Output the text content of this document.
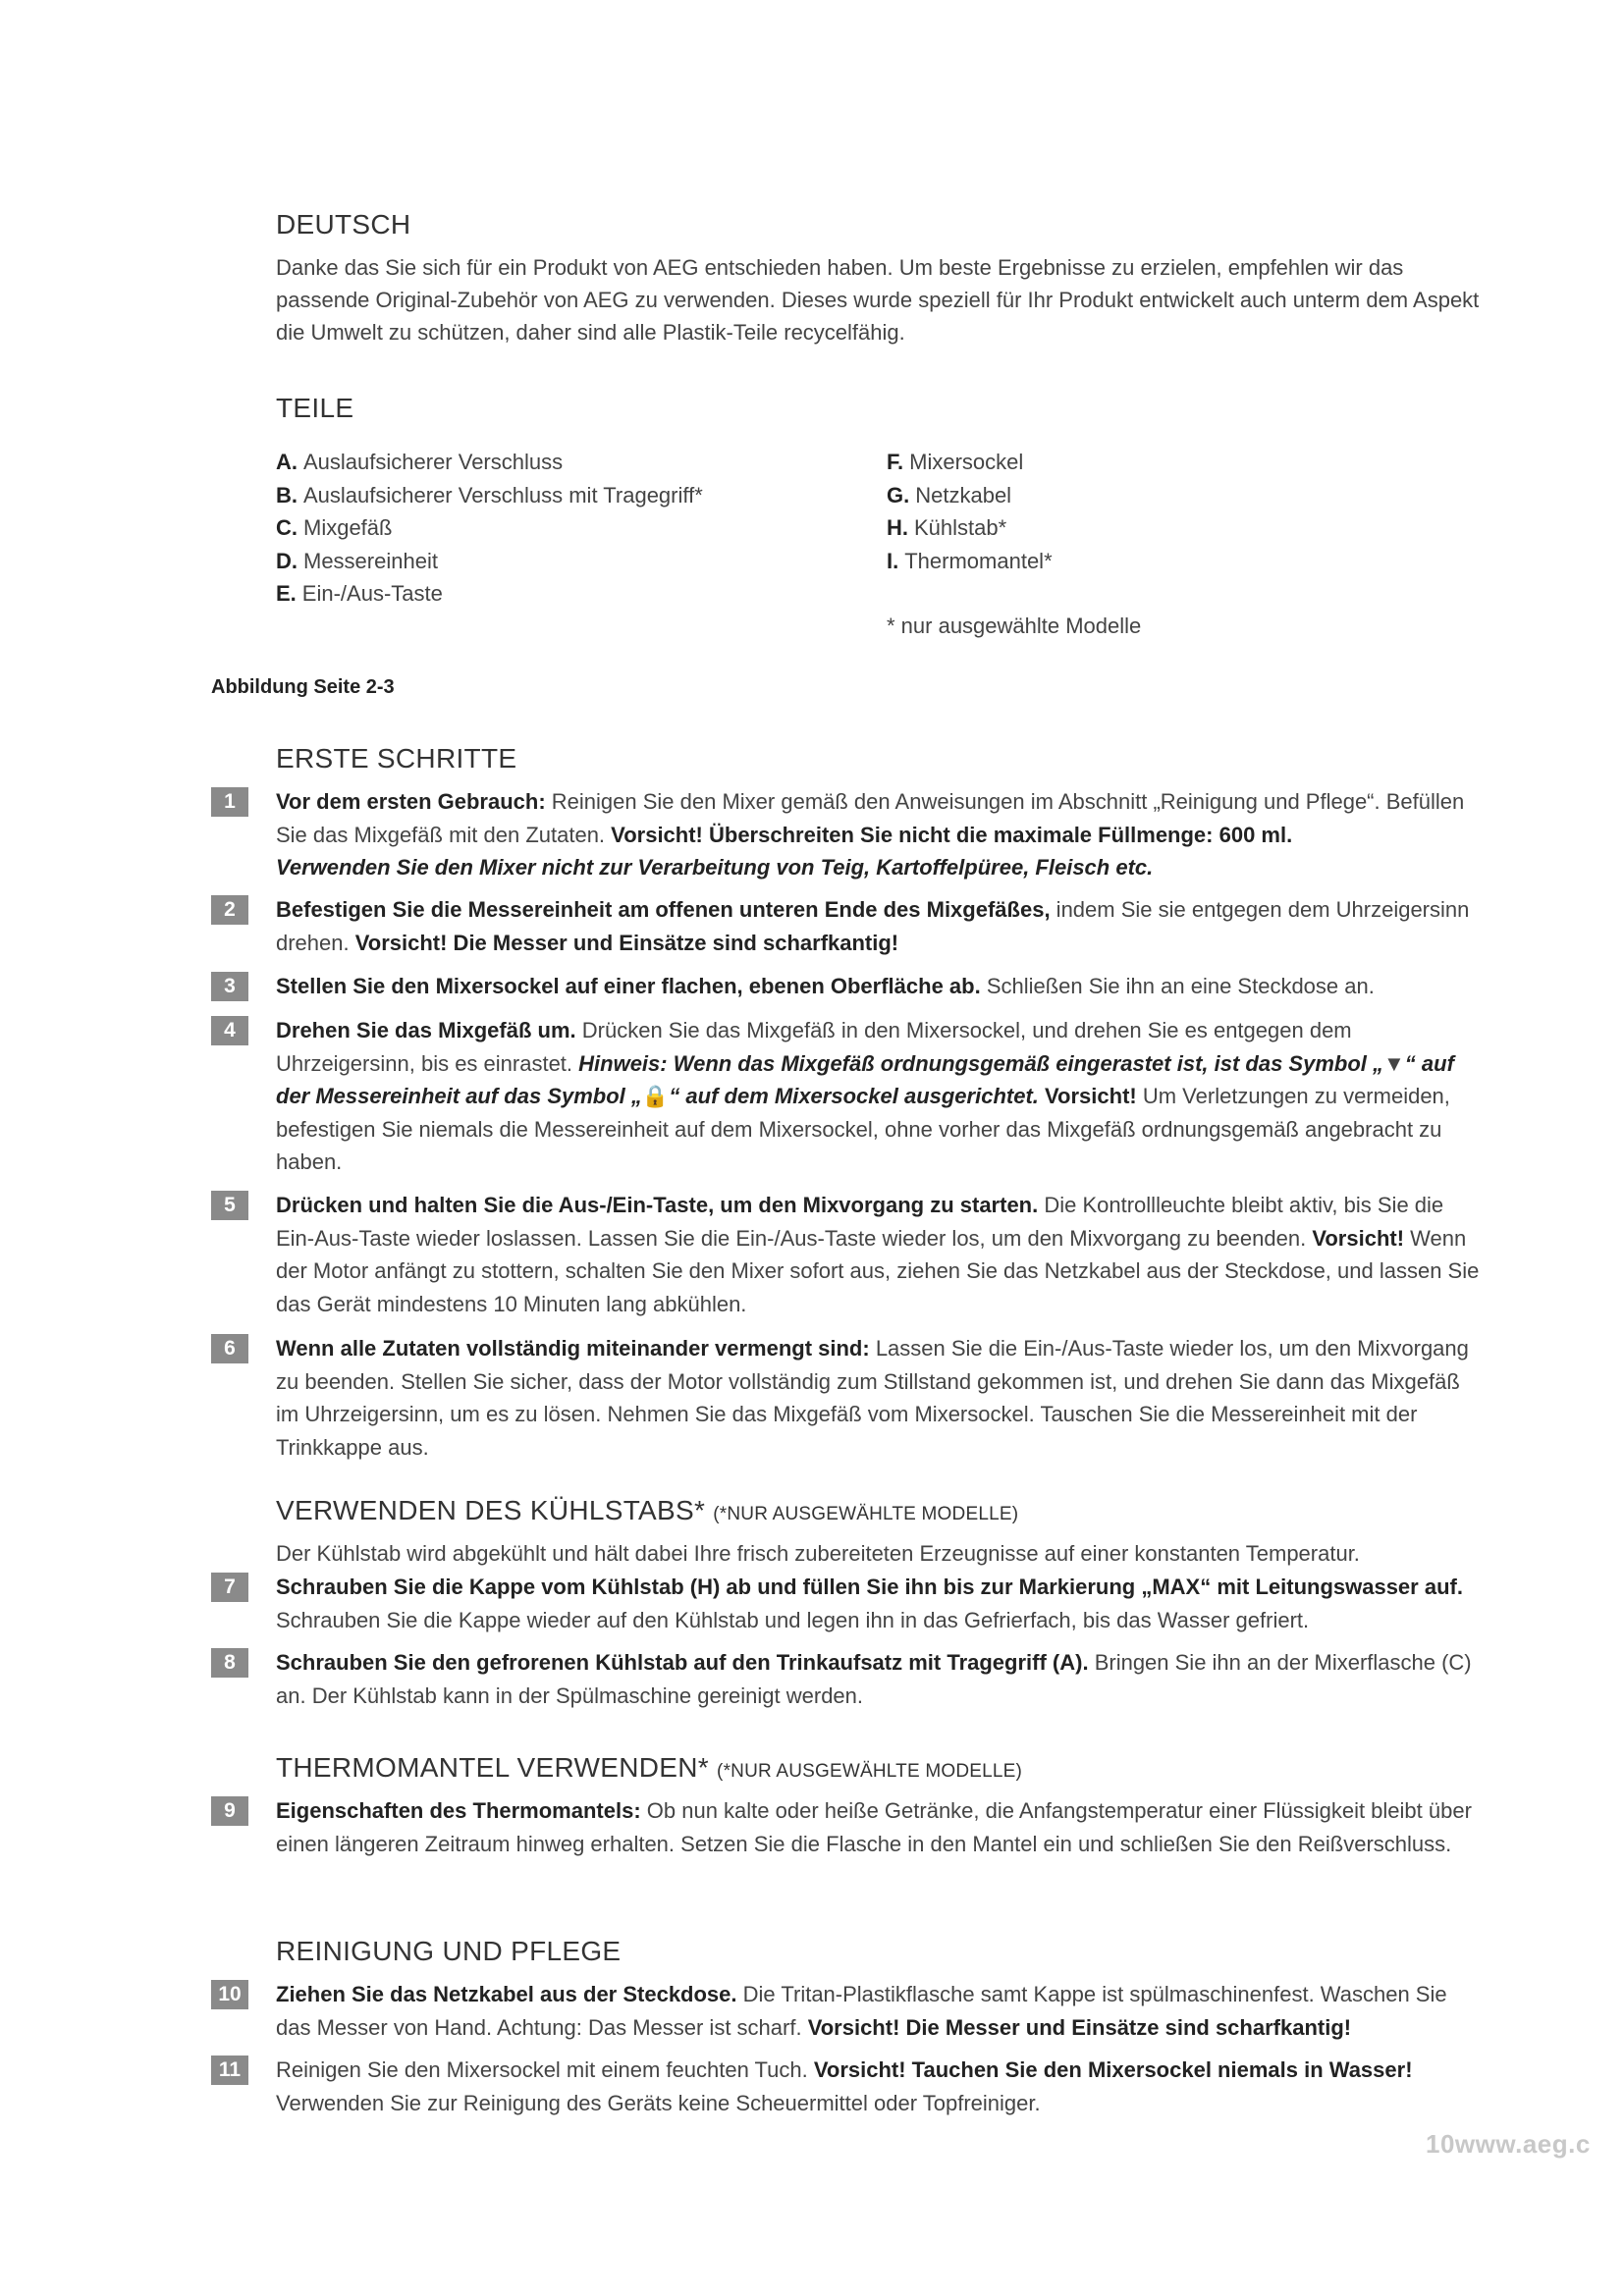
DEUTSCH

Danke das Sie sich für ein Produkt von AEG entschieden haben. Um beste Ergebnisse zu erzielen, empfehlen wir das passende Original-Zubehör von AEG zu verwenden. Dieses wurde speziell für Ihr Produkt entwickelt auch unterm dem Aspekt die Umwelt zu schützen, daher sind alle Plastik-Teile recycelfähig.

TEILE
A. Auslaufsicherer Verschluss
B. Auslaufsicherer Verschluss mit Tragegriff*
C. Mixgefäß
D. Messereinheit
E. Ein-/Aus-Taste
F. Mixersockel
G. Netzkabel
H. Kühlstab*
I. Thermomantel*
* nur ausgewählte Modelle
Abbildung Seite 2-3
ERSTE SCHRITTE
1	Vor dem ersten Gebrauch: Reinigen Sie den Mixer gemäß den Anweisungen im Abschnitt „Reinigung und Pflege“. Befüllen Sie das Mixgefäß mit den Zutaten. Vorsicht! Überschreiten Sie nicht die maximale Füllmenge: 600 ml.
Verwenden Sie den Mixer nicht zur Verarbeitung von Teig, Kartoffelpüree, Fleisch etc.

2	Befestigen Sie die Messereinheit am offenen unteren Ende des Mixgefäßes, indem Sie sie entgegen dem Uhrzeigersinn drehen. Vorsicht! Die Messer und Einsätze sind scharfkantig!

3	Stellen Sie den Mixersockel auf einer flachen, ebenen Oberfläche ab. Schließen Sie ihn an eine Steckdose an.

4	Drehen Sie das Mixgefäß um. Drücken Sie das Mixgefäß in den Mixersockel, und drehen Sie es entgegen dem Uhrzeigersinn, bis es einrastet. Hinweis: Wenn das Mixgefäß ordnungsgemäß eingerastet ist, ist das Symbol „▼“ auf der Messereinheit auf das Symbol „🔒“ auf dem Mixersockel ausgerichtet. Vorsicht! Um Verletzungen zu vermeiden, befestigen Sie niemals die Messereinheit auf dem Mixersockel, ohne vorher das Mixgefäß ordnungsgemäß angebracht zu haben.

5	Drücken und halten Sie die Aus-/Ein-Taste, um den Mixvorgang zu starten. Die Kontrollleuchte bleibt aktiv, bis Sie die Ein-Aus-Taste wieder loslassen. Lassen Sie die Ein-/Aus-Taste wieder los, um den Mixvorgang zu beenden. Vorsicht! Wenn der Motor anfängt zu stottern, schalten Sie den Mixer sofort aus, ziehen Sie das Netzkabel aus der Steckdose, und lassen Sie das Gerät mindestens 10 Minuten lang abkühlen.

6	Wenn alle Zutaten vollständig miteinander vermengt sind: Lassen Sie die Ein-/Aus-Taste wieder los, um den Mixvorgang zu beenden. Stellen Sie sicher, dass der Motor vollständig zum Stillstand gekommen ist, und drehen Sie dann das Mixgefäß im Uhrzeigersinn, um es zu lösen. Nehmen Sie das Mixgefäß vom Mixersockel. Tauschen Sie die Messereinheit mit der Trinkkappe aus.

VERWENDEN DES KÜHLSTABS* (*NUR AUSGEWÄHLTE MODELLE)

Der Kühlstab wird abgekühlt und hält dabei Ihre frisch zubereiteten Erzeugnisse auf einer konstanten Temperatur.

7	Schrauben Sie die Kappe vom Kühlstab (H) ab und füllen Sie ihn bis zur Markierung „MAX“ mit Leitungswasser auf. Schrauben Sie die Kappe wieder auf den Kühlstab und legen ihn in das Gefrierfach, bis das Wasser gefriert.

8	Schrauben Sie den gefrorenen Kühlstab auf den Trinkaufsatz mit Tragegriff (A). Bringen Sie ihn an der Mixerflasche (C) an. Der Kühlstab kann in der Spülmaschine gereinigt werden.

THERMOMANTEL VERWENDEN* (*NUR AUSGEWÄHLTE MODELLE)
9	Eigenschaften des Thermomantels: Ob nun kalte oder heiße Getränke, die Anfangstemperatur einer Flüssigkeit bleibt über einen längeren Zeitraum hinweg erhalten. Setzen Sie die Flasche in den Mantel ein und schließen Sie den Reißverschluss.

REINIGUNG UND PFLEGE
10	Ziehen Sie das Netzkabel aus der Steckdose. Die Tritan-Plastikflasche samt Kappe ist spülmaschinenfest. Waschen Sie das Messer von Hand. Achtung: Das Messer ist scharf. Vorsicht! Die Messer und Einsätze sind scharfkantig!

11	Reinigen Sie den Mixersockel mit einem feuchten Tuch. Vorsicht! Tauchen Sie den Mixersockel niemals in Wasser! Verwenden Sie zur Reinigung des Geräts keine Scheuermittel oder Topfreiniger.

10www.aeg.c
